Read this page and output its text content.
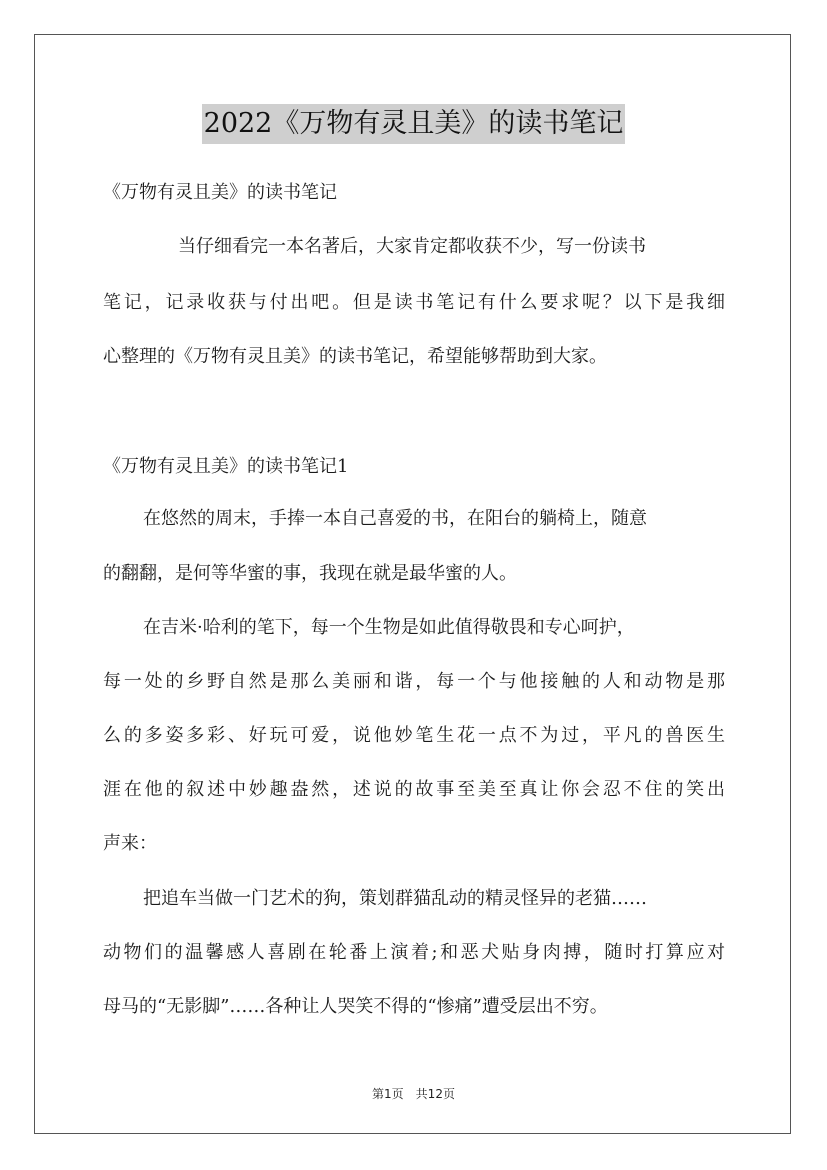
2022《万物有灵且美》的读书笔记
《万物有灵且美》的读书笔记
当仔细看完一本名著后，大家肯定都收获不少，写一份读书
笔记，记录收获与付出吧。但是读书笔记有什么要求呢？以下是我细
心整理的《万物有灵且美》的读书笔记，希望能够帮助到大家。
《万物有灵且美》的读书笔记1
在悠然的周末，手捧一本自己喜爱的书，在阳台的躺椅上，随意
的翻翻，是何等华蜜的事，我现在就是最华蜜的人。
在吉米·哈利的笔下，每一个生物是如此值得敬畏和专心呵护，
每一处的乡野自然是那么美丽和谐，每一个与他接触的人和动物是那
么的多姿多彩、好玩可爱，说他妙笔生花一点不为过，平凡的兽医生
涯在他的叙述中妙趣盎然，述说的故事至美至真让你会忍不住的笑出
声来：
把追车当做一门艺术的狗，策划群猫乱动的精灵怪异的老猫……
动物们的温馨感人喜剧在轮番上演着;和恶犬贴身肉搏，随时打算应对
母马的“无影脚”……各种让人哭笑不得的“惨痛”遭受层出不穷。
第1页　共12页
